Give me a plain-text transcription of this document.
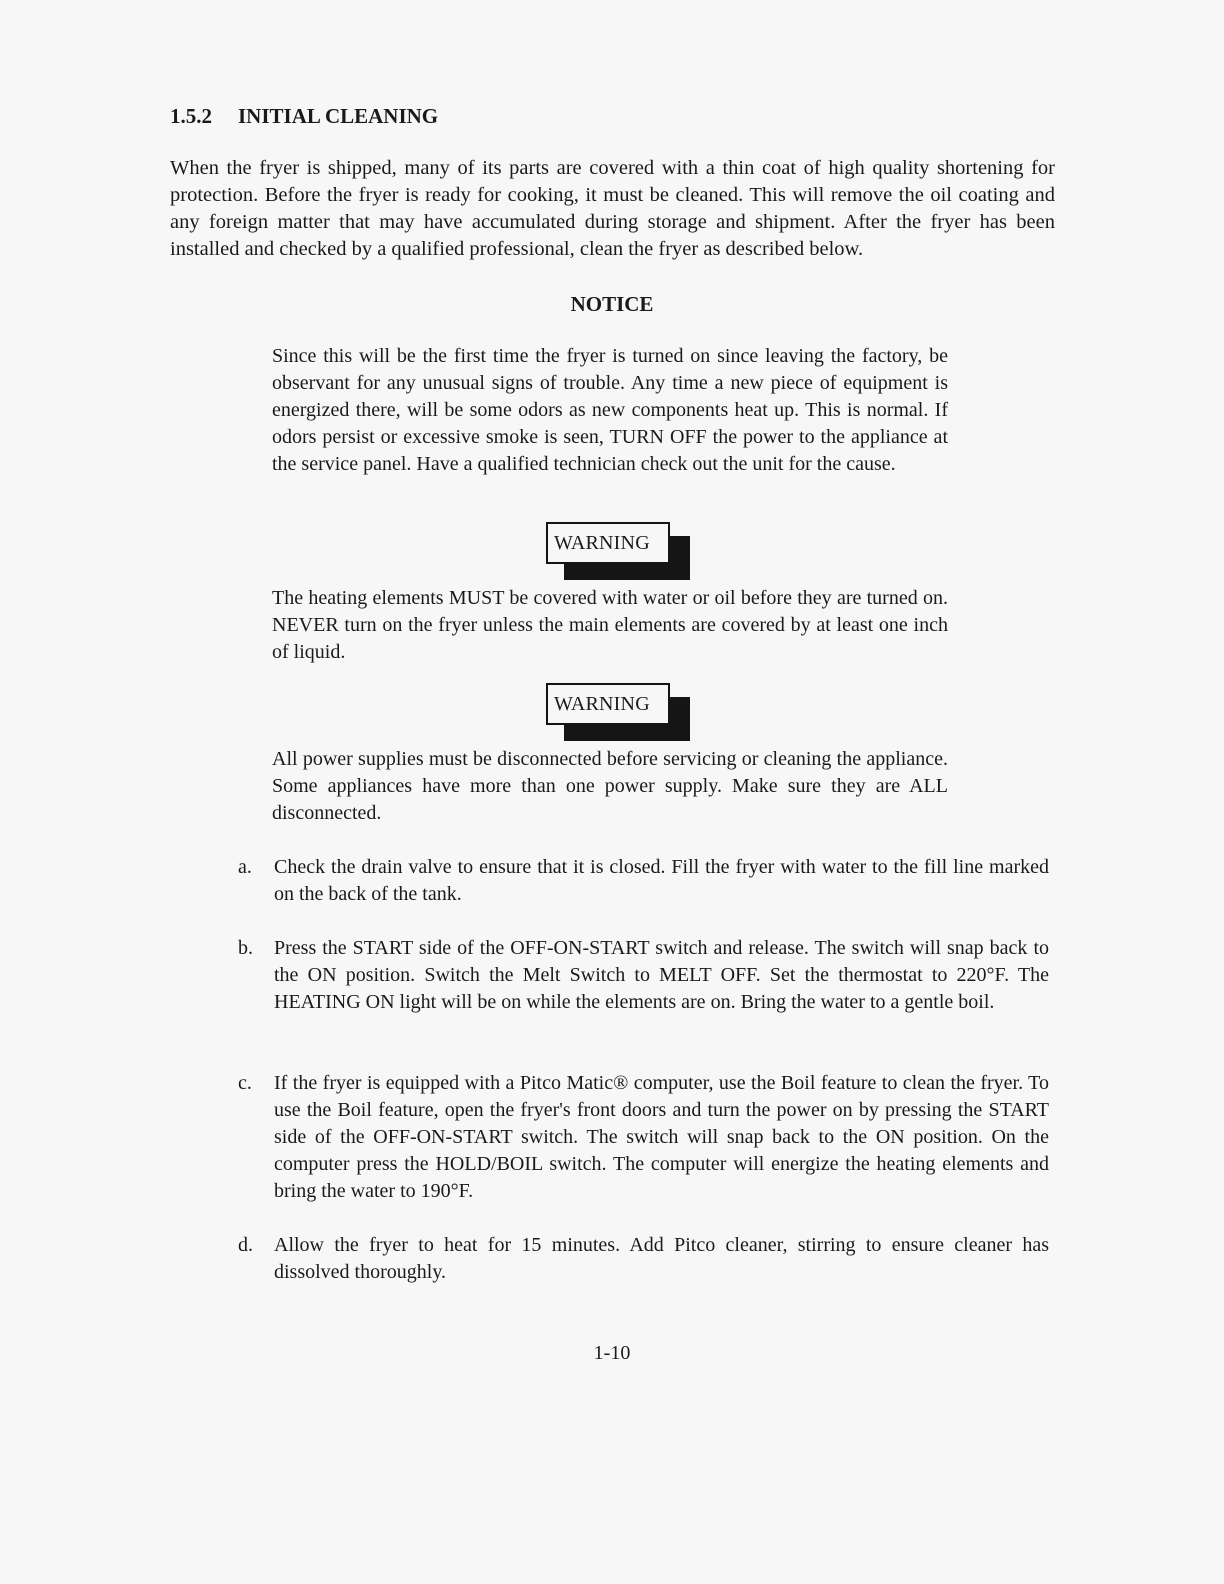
1.5.2 INITIAL CLEANING
When the fryer is shipped, many of its parts are covered with a thin coat of high quality shortening for protection. Before the fryer is ready for cooking, it must be cleaned. This will remove the oil coating and any foreign matter that may have accumulated during storage and shipment. After the fryer has been installed and checked by a qualified professional, clean the fryer as described below.
NOTICE
Since this will be the first time the fryer is turned on since leaving the factory, be observant for any unusual signs of trouble. Any time a new piece of equipment is energized there, will be some odors as new components heat up. This is normal. If odors persist or excessive smoke is seen, TURN OFF the power to the appliance at the service panel. Have a qualified technician check out the unit for the cause.
WARNING
The heating elements MUST be covered with water or oil before they are turned on. NEVER turn on the fryer unless the main elements are covered by at least one inch of liquid.
WARNING
All power supplies must be disconnected before servicing or cleaning the appliance. Some appliances have more than one power supply. Make sure they are ALL disconnected.
a. Check the drain valve to ensure that it is closed. Fill the fryer with water to the fill line marked on the back of the tank.
b. Press the START side of the OFF-ON-START switch and release. The switch will snap back to the ON position. Switch the Melt Switch to MELT OFF. Set the thermostat to 220°F. The HEATING ON light will be on while the elements are on. Bring the water to a gentle boil.
c. If the fryer is equipped with a Pitco Matic® computer, use the Boil feature to clean the fryer. To use the Boil feature, open the fryer's front doors and turn the power on by pressing the START side of the OFF-ON-START switch. The switch will snap back to the ON position. On the computer press the HOLD/BOIL switch. The computer will energize the heating elements and bring the water to 190°F.
d. Allow the fryer to heat for 15 minutes. Add Pitco cleaner, stirring to ensure cleaner has dissolved thoroughly.
1-10
